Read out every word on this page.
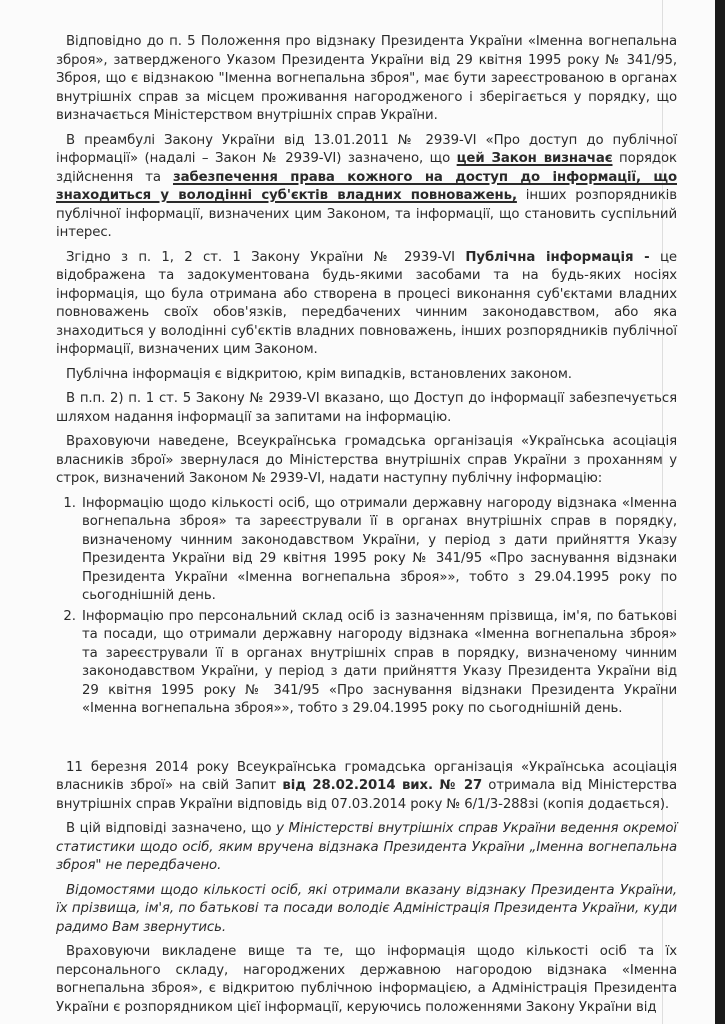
Відповідно до п. 5 Положення про відзнаку Президента України «Іменна вогнепальна зброя», затвердженого Указом Президента України від 29 квітня 1995 року № 341/95, Зброя, що є відзнакою "Іменна вогнепальна зброя", має бути зареєстрованою в органах внутрішніх справ за місцем проживання нагородженого і зберігається у порядку, що визначається Міністерством внутрішніх справ України.

В преамбулі Закону України від 13.01.2011 № 2939-VI «Про доступ до публічної інформації» (надалі – Закон № 2939-VI) зазначено, що цей Закон визначає порядок здійснення та забезпечення права кожного на доступ до інформації, що знаходиться у володінні суб'єктів владних повноважень, інших розпорядників публічної інформації, визначених цим Законом, та інформації, що становить суспільний інтерес.

Згідно з п. 1, 2 ст. 1 Закону України № 2939-VI Публічна інформація - це відображена та задокументована будь-якими засобами та на будь-яких носіях інформація, що була отримана або створена в процесі виконання суб'єктами владних повноважень своїх обов'язків, передбачених чинним законодавством, або яка знаходиться у володінні суб'єктів владних повноважень, інших розпорядників публічної інформації, визначених цим Законом.

Публічна інформація є відкритою, крім випадків, встановлених законом.

В п.п. 2) п. 1 ст. 5 Закону № 2939-VI вказано, що Доступ до інформації забезпечується шляхом надання інформації за запитами на інформацію.

Враховуючи наведене, Всеукраїнська громадська організація «Українська асоціація власників зброї» звернулася до Міністерства внутрішніх справ України з проханням у строк, визначений Законом № 2939-VI, надати наступну публічну інформацію:

1. Інформацію щодо кількості осіб, що отримали державну нагороду відзнака «Іменна вогнепальна зброя» та зареєстрували її в органах внутрішніх справ в порядку, визначеному чинним законодавством України, у період з дати прийняття Указу Президента України від 29 квітня 1995 року № 341/95 «Про заснування відзнаки Президента України «Іменна вогнепальна зброя»», тобто з 29.04.1995 року по сьогоднішній день.
2. Інформацію про персональний склад осіб із зазначенням прізвища, ім'я, по батькові та посади, що отримали державну нагороду відзнака «Іменна вогнепальна зброя» та зареєстрували її в органах внутрішніх справ в порядку, визначеному чинним законодавством України, у період з дати прийняття Указу Президента України від 29 квітня 1995 року № 341/95 «Про заснування відзнаки Президента України «Іменна вогнепальна зброя»», тобто з 29.04.1995 року по сьогоднішній день.

11 березня 2014 року Всеукраїнська громадська організація «Українська асоціація власників зброї» на свій Запит від 28.02.2014 вих. № 27 отримала від Міністерства внутрішніх справ України відповідь від 07.03.2014 року № 6/1/3-288зі (копія додається).

В цій відповіді зазначено, що у Міністерстві внутрішніх справ України ведення окремої статистики щодо осіб, яким вручена відзнака Президента України „Іменна вогнепальна зброя" не передбачено.

Відомостями щодо кількості осіб, які отримали вказану відзнаку Президента України, їх прізвища, ім'я, по батькові та посади володіє Адміністрація Президента України, куди радимо Вам звернутись.

Враховуючи викладене вище та те, що інформація щодо кількості осіб та їх персонального складу, нагороджених державною нагородою відзнака «Іменна вогнепальна зброя», є відкритою публічною інформацією, а Адміністрація Президента України є розпорядником цієї інформації, керуючись положеннями Закону України від
